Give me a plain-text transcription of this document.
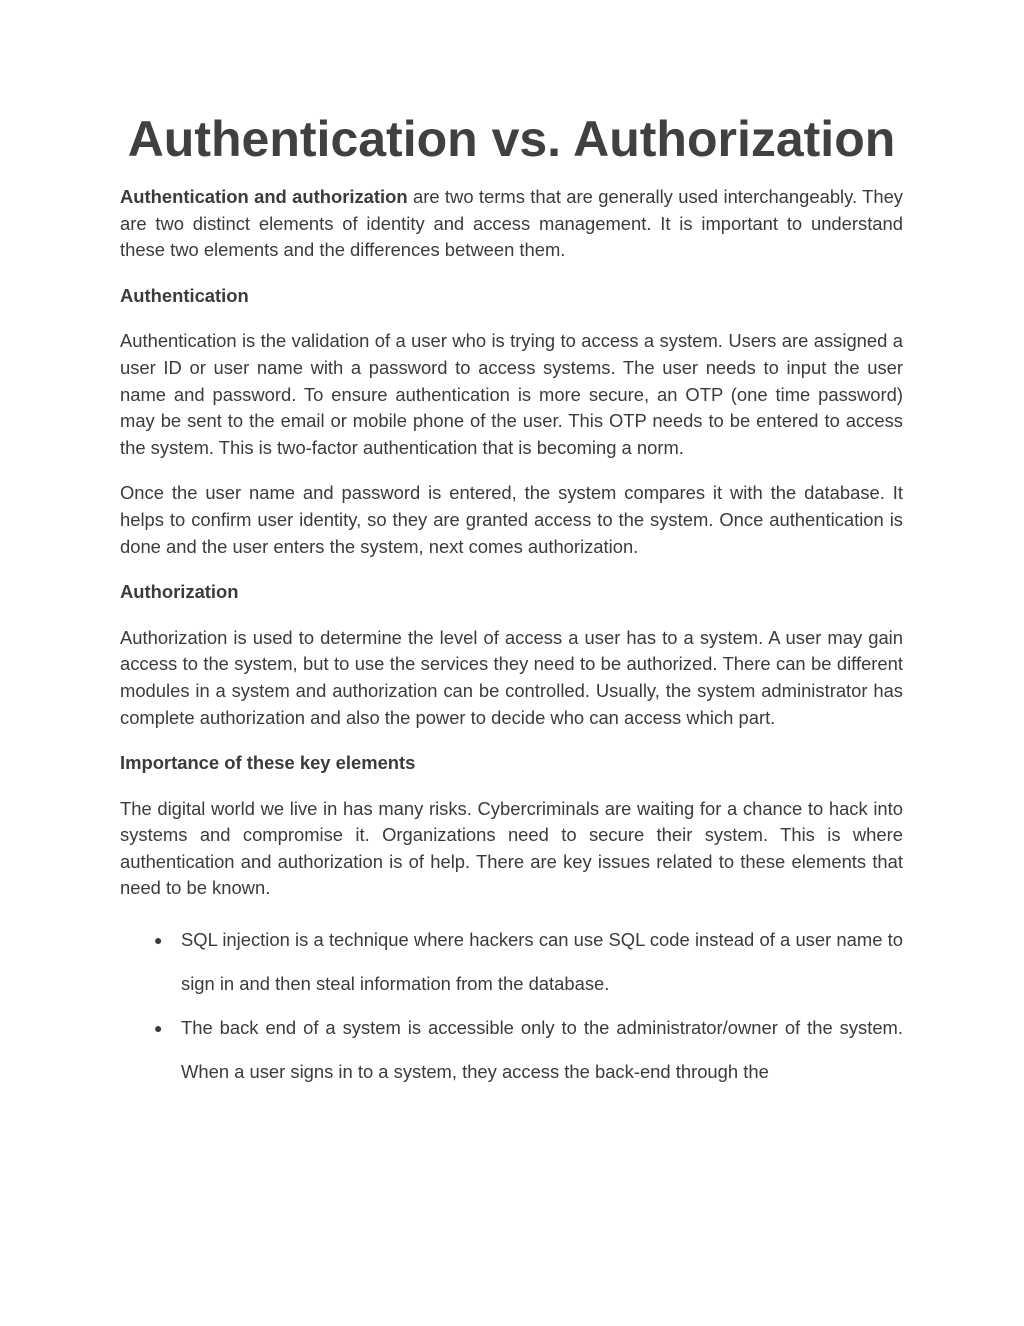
Authentication vs. Authorization

Authentication and authorization are two terms that are generally used interchangeably. They are two distinct elements of identity and access management. It is important to understand these two elements and the differences between them.

Authentication

Authentication is the validation of a user who is trying to access a system. Users are assigned a user ID or user name with a password to access systems. The user needs to input the user name and password. To ensure authentication is more secure, an OTP (one time password) may be sent to the email or mobile phone of the user. This OTP needs to be entered to access the system. This is two-factor authentication that is becoming a norm.

Once the user name and password is entered, the system compares it with the database. It helps to confirm user identity, so they are granted access to the system. Once authentication is done and the user enters the system, next comes authorization.

Authorization

Authorization is used to determine the level of access a user has to a system. A user may gain access to the system, but to use the services they need to be authorized. There can be different modules in a system and authorization can be controlled. Usually, the system administrator has complete authorization and also the power to decide who can access which part.

Importance of these key elements

The digital world we live in has many risks. Cybercriminals are waiting for a chance to hack into systems and compromise it. Organizations need to secure their system. This is where authentication and authorization is of help. There are key issues related to these elements that need to be known.

● SQL injection is a technique where hackers can use SQL code instead of a user name to sign in and then steal information from the database.
● The back end of a system is accessible only to the administrator/owner of the system. When a user signs in to a system, they access the back-end through the
